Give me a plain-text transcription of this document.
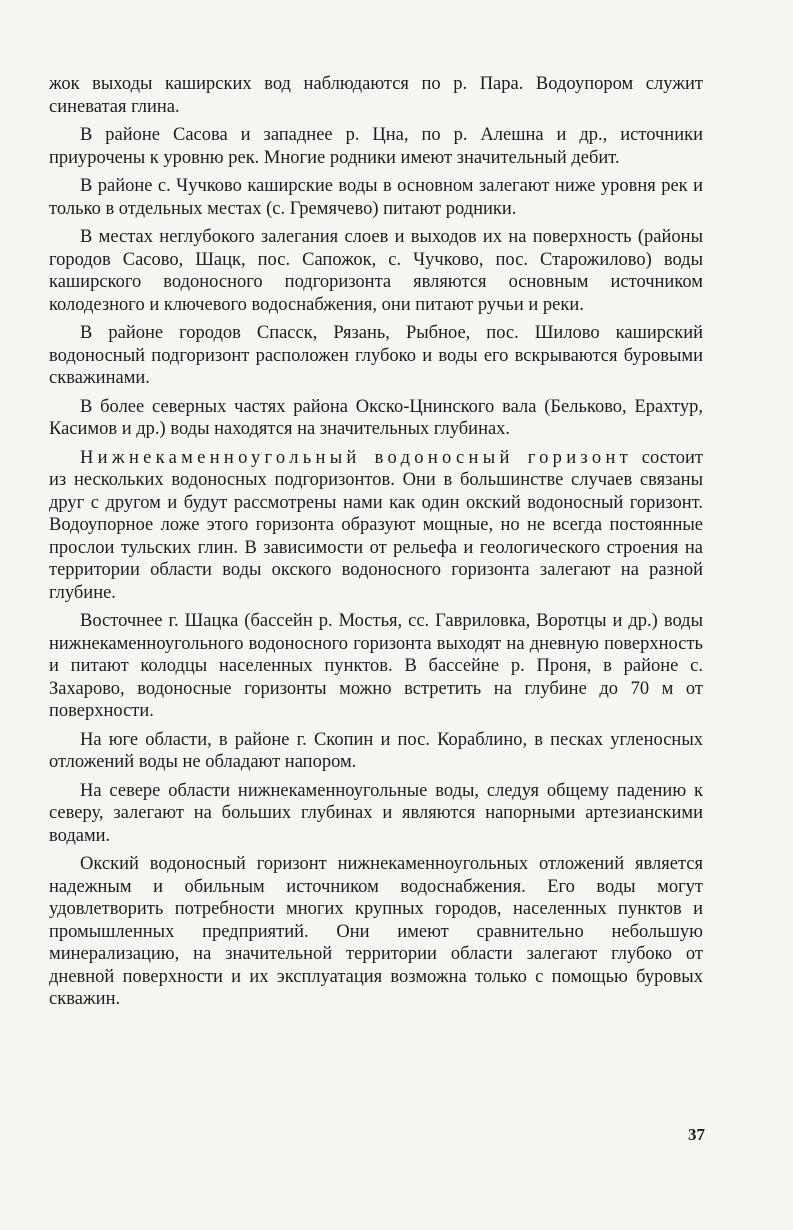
жок выходы каширских вод наблюдаются по р. Пара. Водоупором служит синеватая глина.

В районе Сасова и западнее р. Цна, по р. Алешна и др., источники приурочены к уровню рек. Многие родники имеют значительный дебит.

В районе с. Чучково каширские воды в основном залегают ниже уровня рек и только в отдельных местах (с. Гремячево) питают родники.

В местах неглубокого залегания слоев и выходов их на поверхность (районы городов Сасово, Шацк, пос. Сапожок, с. Чучково, пос. Старожилово) воды каширского водоносного подгоризонта являются основным источником колодезного и ключевого водоснабжения, они питают ручьи и реки.

В районе городов Спасск, Рязань, Рыбное, пос. Шилово каширский водоносный подгоризонт расположен глубоко и воды его вскрываются буровыми скважинами.

В более северных частях района Окско-Цнинского вала (Бельково, Ерахтур, Касимов и др.) воды находятся на значительных глубинах.

Нижнекаменноугольный водоносный горизонт состоит из нескольких водоносных подгоризонтов. Они в большинстве случаев связаны друг с другом и будут рассмотрены нами как один окский водоносный горизонт. Водоупорное ложе этого горизонта образуют мощные, но не всегда постоянные прослои тульских глин. В зависимости от рельефа и геологического строения на территории области воды окского водоносного горизонта залегают на разной глубине.

Восточнее г. Шацка (бассейн р. Мостья, сс. Гавриловка, Воротцы и др.) воды нижнекаменноугольного водоносного горизонта выходят на дневную поверхность и питают колодцы населенных пунктов. В бассейне р. Проня, в районе с. Захарово, водоносные горизонты можно встретить на глубине до 70 м от поверхности.

На юге области, в районе г. Скопин и пос. Кораблино, в песках угленосных отложений воды не обладают напором.

На севере области нижнекаменноугольные воды, следуя общему падению к северу, залегают на больших глубинах и являются напорными артезианскими водами.

Окский водоносный горизонт нижнекаменноугольных отложений является надежным и обильным источником водоснабжения. Его воды могут удовлетворить потребности многих крупных городов, населенных пунктов и промышленных предприятий. Они имеют сравнительно небольшую минерализацию, на значительной территории области залегают глубоко от дневной поверхности и их эксплуатация возможна только с помощью буровых скважин.

37
